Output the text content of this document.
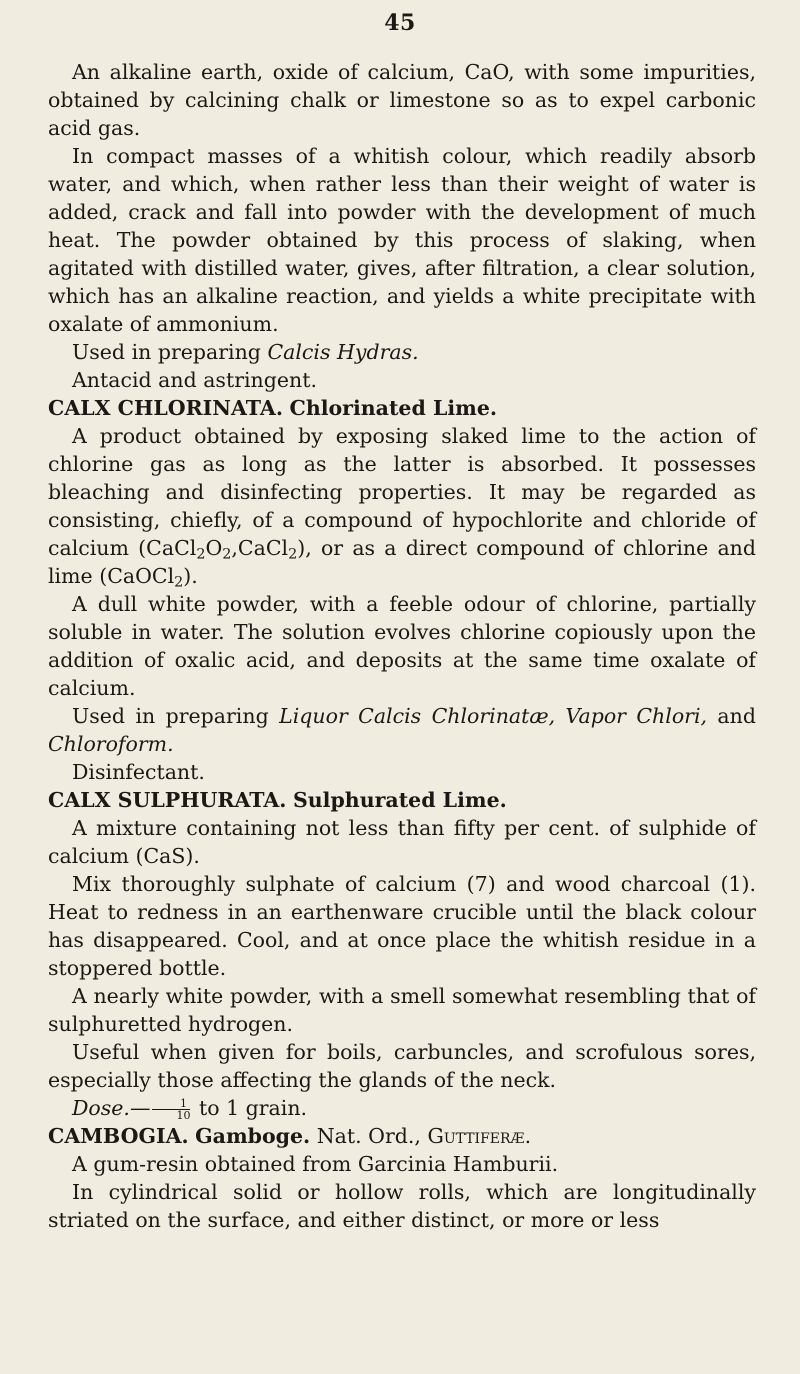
45

An alkaline earth, oxide of calcium, CaO, with some impurities, obtained by calcining chalk or limestone so as to expel carbonic acid gas.

In compact masses of a whitish colour, which readily absorb water, and which, when rather less than their weight of water is added, crack and fall into powder with the development of much heat. The powder obtained by this process of slaking, when agitated with distilled water, gives, after filtration, a clear solution, which has an alkaline reaction, and yields a white precipitate with oxalate of ammonium.

Used in preparing Calcis Hydras.

Antacid and astringent.

CALX CHLORINATA. Chlorinated Lime.

A product obtained by exposing slaked lime to the action of chlorine gas as long as the latter is absorbed. It possesses bleaching and disinfecting properties. It may be regarded as consisting, chiefly, of a compound of hypochlorite and chloride of calcium $(CaCl_2O_2,CaCl_2)$, or as a direct compound of chlorine and lime (CaOCl$_2$).

A dull white powder, with a feeble odour of chlorine, partially soluble in water. The solution evolves chlorine copiously upon the addition of oxalic acid, and deposits at the same time oxalate of calcium.

Used in preparing Liquor Calcis Chlorinatæ, Vapor Chlori, and Chloroform.

Disinfectant.

CALX SULPHURATA. Sulphurated Lime.

A mixture containing not less than fifty per cent. of sulphide of calcium (CaS).

Mix thoroughly sulphate of calcium (7) and wood charcoal (1). Heat to redness in an earthenware crucible until the black colour has disappeared. Cool, and at once place the whitish residue in a stoppered bottle.

A nearly white powder, with a smell somewhat resembling that of sulphuretted hydrogen.

Useful when given for boils, carbuncles, and scrofulous sores, especially those affecting the glands of the neck.

Dose.— $\frac{1}{10}$ to 1 grain.

CAMBOGIA. Gamboge. Nat. Ord., Guttiferæ.

A gum-resin obtained from Garcinia Hamburii.

In cylindrical solid or hollow rolls, which are longitudinally striated on the surface, and either distinct, or more or less
